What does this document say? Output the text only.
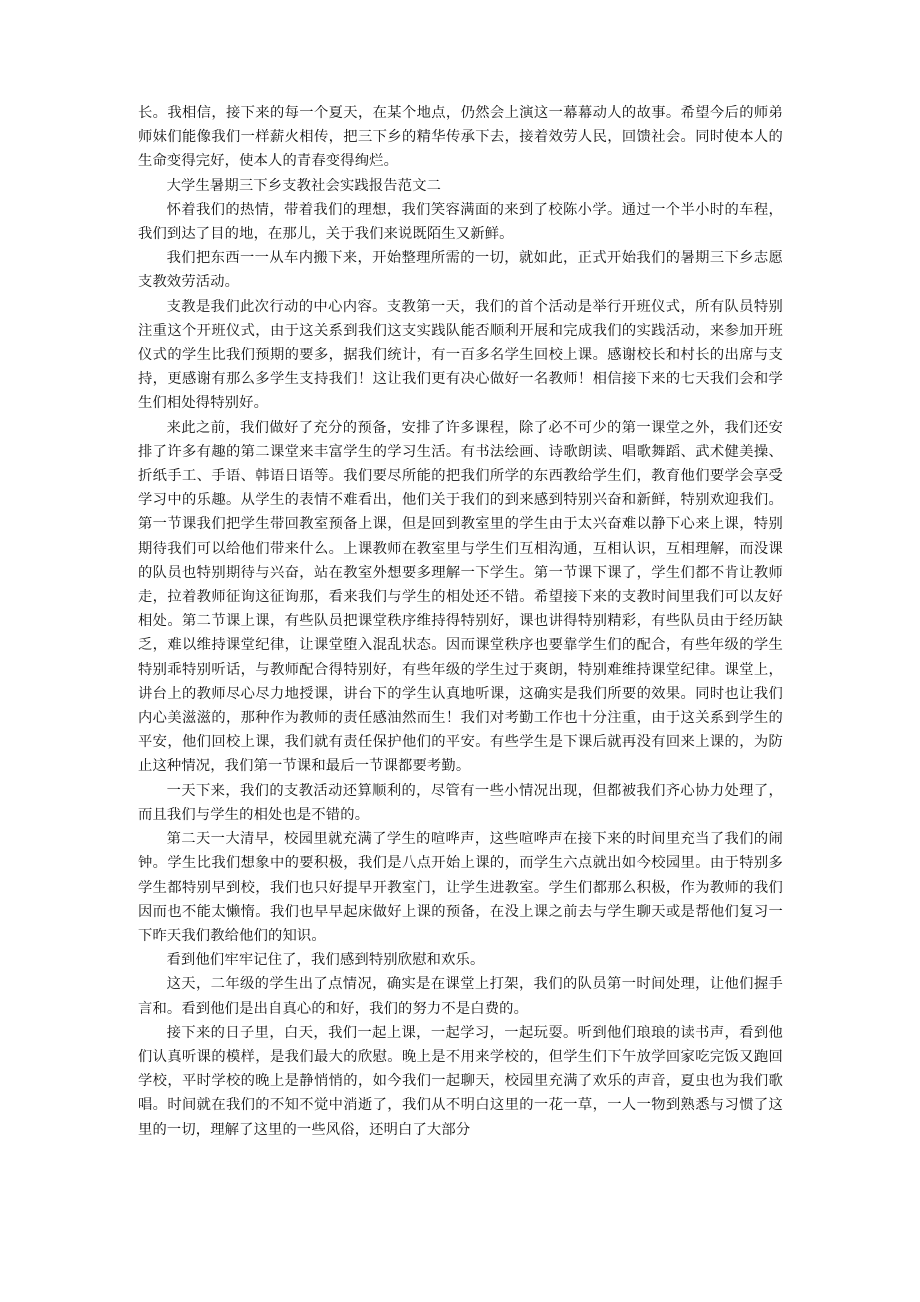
长。我相信，接下来的每一个夏天，在某个地点，仍然会上演这一幕幕动人的故事。希望今后的师弟师妹们能像我们一样薪火相传，把三下乡的精华传承下去，接着效劳人民，回馈社会。同时使本人的生命变得完好，使本人的青春变得绚烂。

大学生暑期三下乡支教社会实践报告范文二

怀着我们的热情，带着我们的理想，我们笑容满面的来到了校陈小学。通过一个半小时的车程，我们到达了目的地，在那儿，关于我们来说既陌生又新鲜。

我们把东西一一从车内搬下来，开始整理所需的一切，就如此，正式开始我们的暑期三下乡志愿支教效劳活动。

支教是我们此次行动的中心内容。支教第一天，我们的首个活动是举行开班仪式，所有队员特别注重这个开班仪式，由于这关系到我们这支实践队能否顺利开展和完成我们的实践活动，来参加开班仪式的学生比我们预期的要多，据我们统计，有一百多名学生回校上课。感谢校长和村长的出席与支持，更感谢有那么多学生支持我们！这让我们更有决心做好一名教师！相信接下来的七天我们会和学生们相处得特别好。

来此之前，我们做好了充分的预备，安排了许多课程，除了必不可少的第一课堂之外，我们还安排了许多有趣的第二课堂来丰富学生的学习生活。有书法绘画、诗歌朗读、唱歌舞蹈、武术健美操、折纸手工、手语、韩语日语等。我们要尽所能的把我们所学的东西教给学生们，教育他们要学会享受学习中的乐趣。从学生的表情不难看出，他们关于我们的到来感到特别兴奋和新鲜，特别欢迎我们。第一节课我们把学生带回教室预备上课，但是回到教室里的学生由于太兴奋难以静下心来上课，特别期待我们可以给他们带来什么。上课教师在教室里与学生们互相沟通，互相认识，互相理解，而没课的队员也特别期待与兴奋，站在教室外想要多理解一下学生。第一节课下课了，学生们都不肯让教师走，拉着教师征询这征询那，看来我们与学生的相处还不错。希望接下来的支教时间里我们可以友好相处。第二节课上课，有些队员把课堂秩序维持得特别好，课也讲得特别精彩，有些队员由于经历缺乏，难以维持课堂纪律，让课堂堕入混乱状态。因而课堂秩序也要靠学生们的配合，有些年级的学生特别乖特别听话，与教师配合得特别好，有些年级的学生过于爽朗，特别难维持课堂纪律。课堂上，讲台上的教师尽心尽力地授课，讲台下的学生认真地听课，这确实是我们所要的效果。同时也让我们内心美滋滋的，那种作为教师的责任感油然而生！我们对考勤工作也十分注重，由于这关系到学生的平安，他们回校上课，我们就有责任保护他们的平安。有些学生是下课后就再没有回来上课的，为防止这种情况，我们第一节课和最后一节课都要考勤。

一天下来，我们的支教活动还算顺利的，尽管有一些小情况出现，但都被我们齐心协力处理了，而且我们与学生的相处也是不错的。

第二天一大清早，校园里就充满了学生的喧哗声，这些喧哗声在接下来的时间里充当了我们的闹钟。学生比我们想象中的要积极，我们是八点开始上课的，而学生六点就出如今校园里。由于特别多学生都特别早到校，我们也只好提早开教室门，让学生进教室。学生们都那么积极，作为教师的我们因而也不能太懒惰。我们也早早起床做好上课的预备，在没上课之前去与学生聊天或是帮他们复习一下昨天我们教给他们的知识。

看到他们牢牢记住了，我们感到特别欣慰和欢乐。

这天，二年级的学生出了点情况，确实是在课堂上打架，我们的队员第一时间处理，让他们握手言和。看到他们是出自真心的和好，我们的努力不是白费的。

接下来的日子里，白天，我们一起上课，一起学习，一起玩耍。听到他们琅琅的读书声，看到他们认真听课的模样，是我们最大的欣慰。晚上是不用来学校的，但学生们下午放学回家吃完饭又跑回学校，平时学校的晚上是静悄悄的，如今我们一起聊天，校园里充满了欢乐的声音，夏虫也为我们歌唱。时间就在我们的不知不觉中消逝了，我们从不明白这里的一花一草，一人一物到熟悉与习惯了这里的一切，理解了这里的一些风俗，还明白了大部分
